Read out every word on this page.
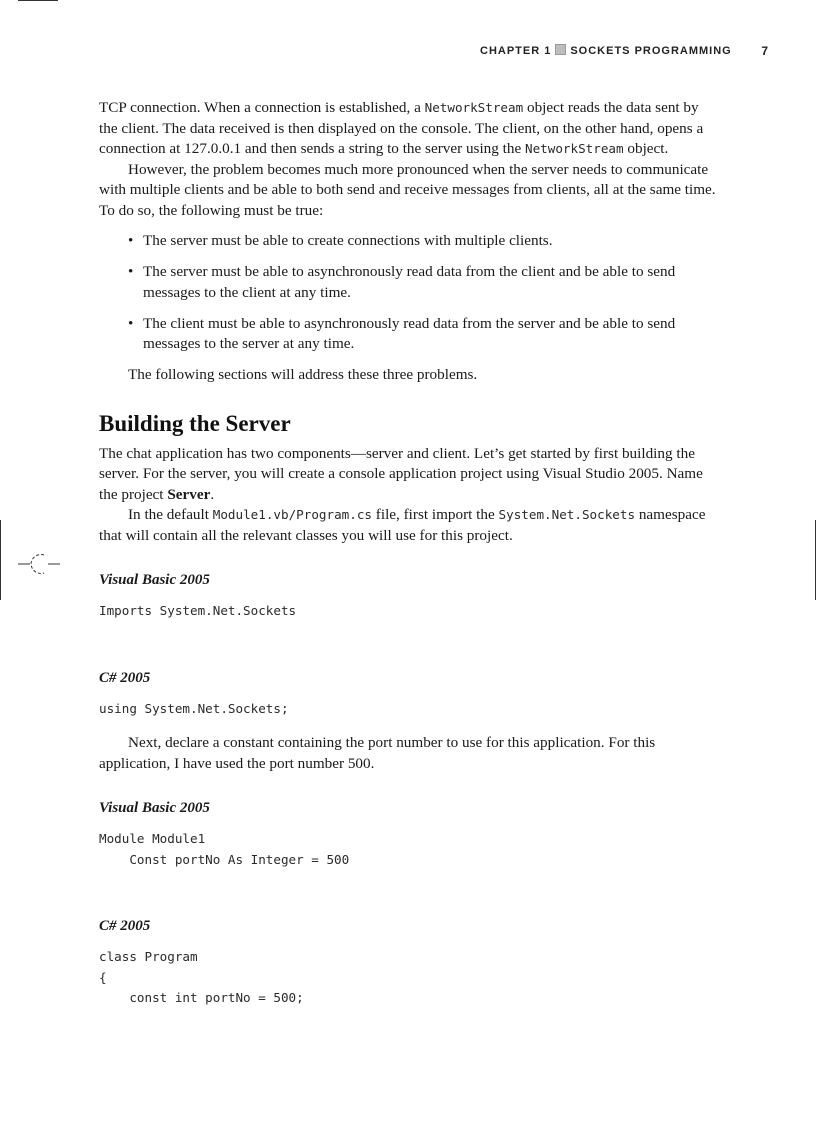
CHAPTER 1 SOCKETS PROGRAMMING 7

TCP connection. When a connection is established, a NetworkStream object reads the data sent by the client. The data received is then displayed on the console. The client, on the other hand, opens a connection at 127.0.0.1 and then sends a string to the server using the NetworkStream object.

However, the problem becomes much more pronounced when the server needs to communicate with multiple clients and be able to both send and receive messages from clients, all at the same time. To do so, the following must be true:

• The server must be able to create connections with multiple clients.
• The server must be able to asynchronously read data from the client and be able to send messages to the client at any time.
• The client must be able to asynchronously read data from the server and be able to send messages to the server at any time.

The following sections will address these three problems.

Building the Server

The chat application has two components—server and client. Let’s get started by first building the server. For the server, you will create a console application project using Visual Studio 2005. Name the project Server.

In the default Module1.vb/Program.cs file, first import the System.Net.Sockets namespace that will contain all the relevant classes you will use for this project.

Visual Basic 2005
Imports System.Net.Sockets
C# 2005
using System.Net.Sockets;

Next, declare a constant containing the port number to use for this application. For this application, I have used the port number 500.

Visual Basic 2005
Module Module1
Const portNo As Integer = 500
C# 2005
class Program
{
const int portNo = 500;
